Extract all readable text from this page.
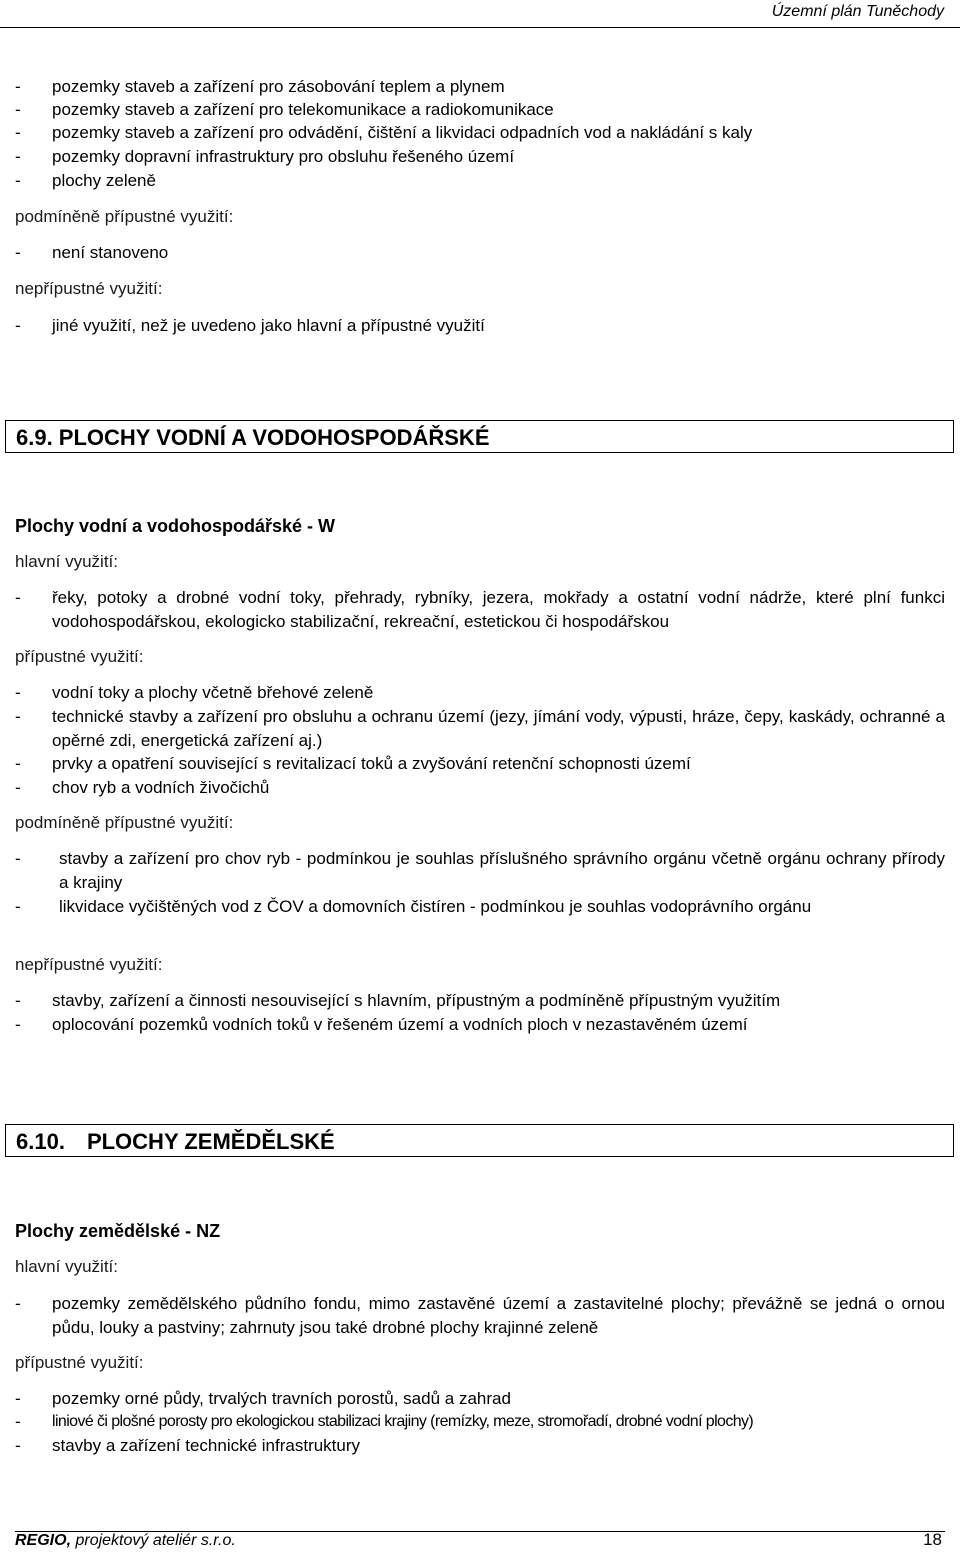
Územní plán Tuněchody
-	pozemky staveb a zařízení pro zásobování teplem a plynem
-	pozemky staveb a zařízení pro telekomunikace a radiokomunikace
-	pozemky staveb a zařízení pro odvádění, čištění a likvidaci odpadních vod a nakládání s kaly
-	pozemky dopravní infrastruktury pro obsluhu řešeného území
-	plochy zeleně
podmíněně přípustné využití:
-	není stanoveno
nepřípustné využití:
-	jiné využití, než je uvedeno jako hlavní a přípustné využití
6.9. PLOCHY VODNÍ A VODOHOSPODÁŘSKÉ
Plochy vodní a vodohospodářské - W
hlavní využití:
-	řeky, potoky a drobné vodní toky, přehrady, rybníky, jezera, mokřady a ostatní vodní nádrže, které plní funkci vodohospodářskou, ekologicko stabilizační, rekreační, estetickou či hospodářskou
přípustné využití:
-	vodní toky a plochy včetně břehové zeleně
-	technické stavby a zařízení pro obsluhu a ochranu území (jezy, jímání vody, výpusti, hráze, čepy, kaskády, ochranné a opěrné zdi, energetická zařízení aj.)
-	prvky a opatření související s revitalizací toků a zvyšování retenční schopnosti území
-	chov ryb a vodních živočichů
podmíněně přípustné využití:
-	stavby a zařízení pro chov ryb - podmínkou je souhlas příslušného správního orgánu včetně orgánu ochrany přírody a krajiny
-	likvidace vyčištěných vod z ČOV a domovních čistíren - podmínkou je souhlas vodoprávního orgánu
nepřípustné využití:
-	stavby, zařízení a činnosti nesouvisející s hlavním, přípustným a podmíněně přípustným využitím
-	oplocování pozemků vodních toků v řešeném území a vodních ploch v nezastavěném území
6.10. PLOCHY ZEMĚDĚLSKÉ
Plochy zemědělské - NZ
hlavní využití:
-	pozemky zemědělského půdního fondu, mimo zastavěné území a zastavitelné plochy; převážně se jedná o ornou půdu, louky a pastviny; zahrnuty jsou také drobné plochy krajinné zeleně
přípustné využití:
-	pozemky orné půdy, trvalých travních porostů, sadů a zahrad
-	liniové či plošné porosty pro ekologickou stabilizaci krajiny (remízky, meze, stromořadí, drobné vodní plochy)
-	stavby a zařízení technické infrastruktury
REGIO, projektový ateliér s.r.o.	18
